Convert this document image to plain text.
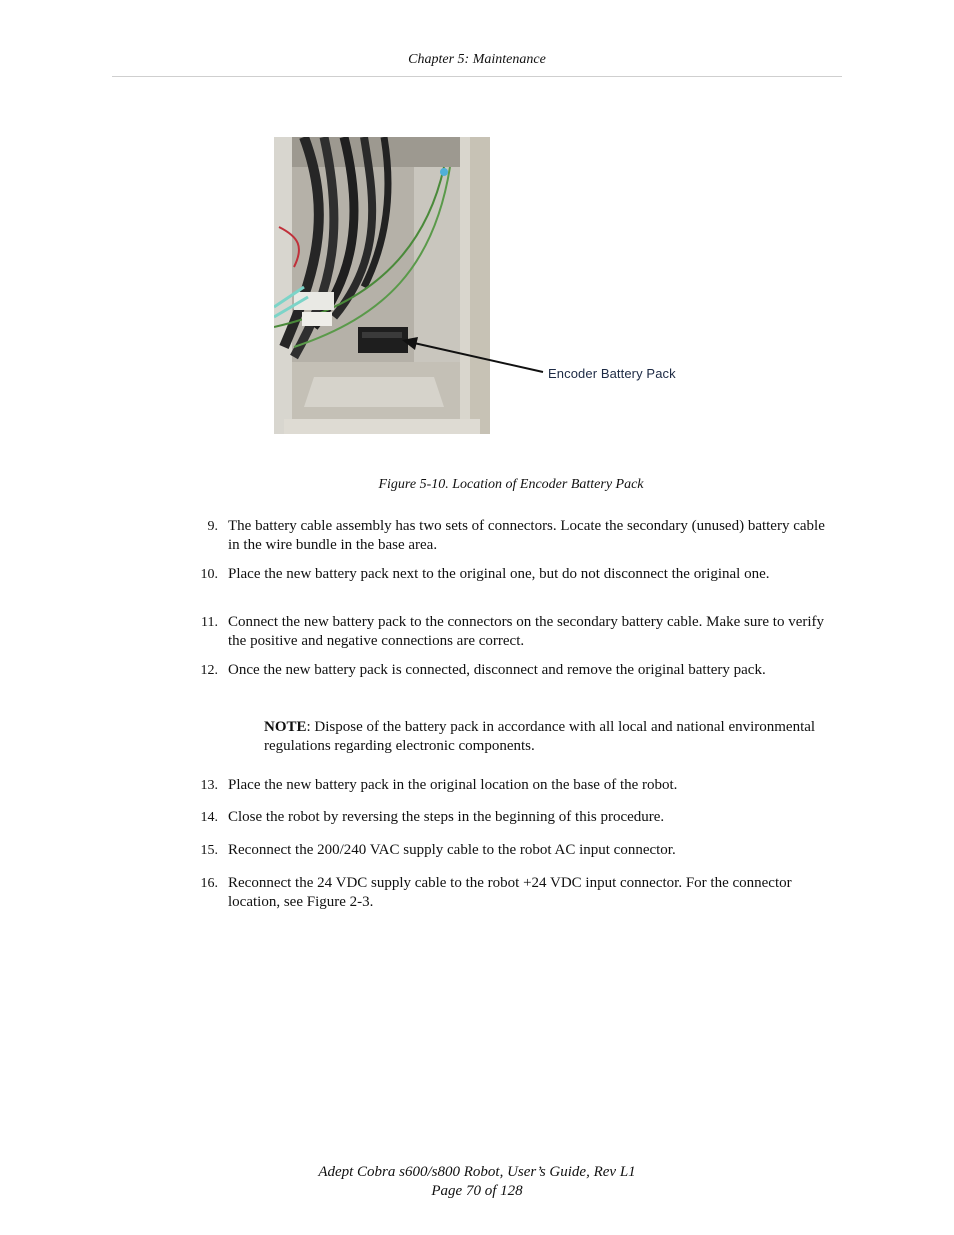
Chapter 5: Maintenance
Encoder Battery Pack
Figure 5-10. Location of Encoder Battery Pack
9. The battery cable assembly has two sets of connectors. Locate the secondary (unused) battery cable in the wire bundle in the base area.
10. Place the new battery pack next to the original one, but do not disconnect the original one.
11. Connect the new battery pack to the connectors on the secondary battery cable. Make sure to verify the positive and negative connections are correct.
12. Once the new battery pack is connected, disconnect and remove the original battery pack.
13. Place the new battery pack in the original location on the base of the robot.
14. Close the robot by reversing the steps in the beginning of this procedure.
15. Reconnect the 200/240 VAC supply cable to the robot AC input connector.
16. Reconnect the 24 VDC supply cable to the robot +24 VDC input connector. For the connector location, see Figure 2-3.
NOTE: Dispose of the battery pack in accordance with all local and national environmental regulations regarding electronic components.
Adept Cobra s600/s800 Robot, User’s Guide, Rev L1
Page 70 of 128
